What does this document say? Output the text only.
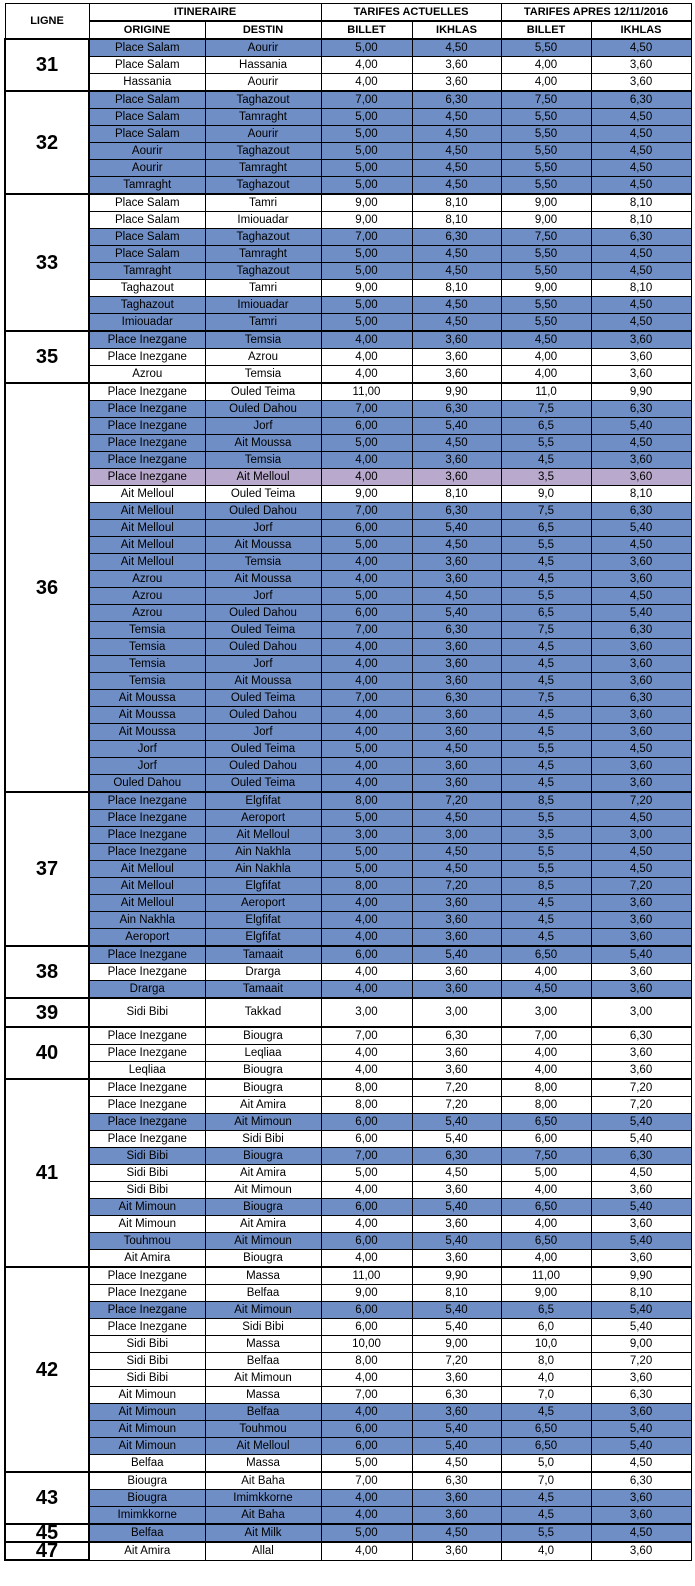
LIGNE	ITINERAIRE		TARIFES ACTUELLES		TARIFES APRES 12/11/2016	
	ORIGINE	DESTIN	BILLET	IKHLAS	BILLET	IKHLAS
31	Place Salam	Aourir	5,00	4,50	5,50	4,50
	Place Salam	Hassania	4,00	3,60	4,00	3,60
	Hassania	Aourir	4,00	3,60	4,00	3,60
32	Place Salam	Taghazout	7,00	6,30	7,50	6,30
	Place Salam	Tamraght	5,00	4,50	5,50	4,50
	Place Salam	Aourir	5,00	4,50	5,50	4,50
	Aourir	Taghazout	5,00	4,50	5,50	4,50
	Aourir	Tamraght	5,00	4,50	5,50	4,50
	Tamraght	Taghazout	5,00	4,50	5,50	4,50
33	Place Salam	Tamri	9,00	8,10	9,00	8,10
	Place Salam	Imiouadar	9,00	8,10	9,00	8,10
	Place Salam	Taghazout	7,00	6,30	7,50	6,30
	Place Salam	Tamraght	5,00	4,50	5,50	4,50
	Tamraght	Taghazout	5,00	4,50	5,50	4,50
	Taghazout	Tamri	9,00	8,10	9,00	8,10
	Taghazout	Imiouadar	5,00	4,50	5,50	4,50
	Imiouadar	Tamri	5,00	4,50	5,50	4,50
35	Place Inezgane	Temsia	4,00	3,60	4,50	3,60
	Place Inezgane	Azrou	4,00	3,60	4,00	3,60
	Azrou	Temsia	4,00	3,60	4,00	3,60
36	Place Inezgane	Ouled Teima	11,00	9,90	11,0	9,90
	Place Inezgane	Ouled Dahou	7,00	6,30	7,5	6,30
	Place Inezgane	Jorf	6,00	5,40	6,5	5,40
	Place Inezgane	Ait Moussa	5,00	4,50	5,5	4,50
	Place Inezgane	Temsia	4,00	3,60	4,5	3,60
	Place Inezgane	Ait Melloul	4,00	3,60	3,5	3,60
	Ait Melloul	Ouled Teima	9,00	8,10	9,0	8,10
	Ait Melloul	Ouled Dahou	7,00	6,30	7,5	6,30
	Ait Melloul	Jorf	6,00	5,40	6,5	5,40
	Ait Melloul	Ait Moussa	5,00	4,50	5,5	4,50
	Ait Melloul	Temsia	4,00	3,60	4,5	3,60
	Azrou	Ait Moussa	4,00	3,60	4,5	3,60
	Azrou	Jorf	5,00	4,50	5,5	4,50
	Azrou	Ouled Dahou	6,00	5,40	6,5	5,40
	Temsia	Ouled Teima	7,00	6,30	7,5	6,30
	Temsia	Ouled Dahou	4,00	3,60	4,5	3,60
	Temsia	Jorf	4,00	3,60	4,5	3,60
	Temsia	Ait Moussa	4,00	3,60	4,5	3,60
	Ait Moussa	Ouled Teima	7,00	6,30	7,5	6,30
	Ait Moussa	Ouled Dahou	4,00	3,60	4,5	3,60
	Ait Moussa	Jorf	4,00	3,60	4,5	3,60
	Jorf	Ouled Teima	5,00	4,50	5,5	4,50
	Jorf	Ouled Dahou	4,00	3,60	4,5	3,60
	Ouled Dahou	Ouled Teima	4,00	3,60	4,5	3,60
37	Place Inezgane	Elgfifat	8,00	7,20	8,5	7,20
	Place Inezgane	Aeroport	5,00	4,50	5,5	4,50
	Place Inezgane	Ait Melloul	3,00	3,00	3,5	3,00
	Place Inezgane	Ain Nakhla	5,00	4,50	5,5	4,50
	Ait Melloul	Ain Nakhla	5,00	4,50	5,5	4,50
	Ait Melloul	Elgfifat	8,00	7,20	8,5	7,20
	Ait Melloul	Aeroport	4,00	3,60	4,5	3,60
	Ain Nakhla	Elgfifat	4,00	3,60	4,5	3,60
	Aeroport	Elgfifat	4,00	3,60	4,5	3,60
38	Place Inezgane	Tamaait	6,00	5,40	6,50	5,40
	Place Inezgane	Drarga	4,00	3,60	4,00	3,60
	Drarga	Tamaait	4,00	3,60	4,50	3,60
39	Sidi Bibi	Takkad	3,00	3,00	3,00	3,00
40	Place Inezgane	Biougra	7,00	6,30	7,00	6,30
	Place Inezgane	Leqliaa	4,00	3,60	4,00	3,60
	Leqliaa	Biougra	4,00	3,60	4,00	3,60
41	Place Inezgane	Biougra	8,00	7,20	8,00	7,20
	Place Inezgane	Ait Amira	8,00	7,20	8,00	7,20
	Place Inezgane	Ait Mimoun	6,00	5,40	6,50	5,40
	Place Inezgane	Sidi Bibi	6,00	5,40	6,00	5,40
	Sidi Bibi	Biougra	7,00	6,30	7,50	6,30
	Sidi Bibi	Ait Amira	5,00	4,50	5,00	4,50
	Sidi Bibi	Ait Mimoun	4,00	3,60	4,00	3,60
	Ait Mimoun	Biougra	6,00	5,40	6,50	5,40
	Ait Mimoun	Ait Amira	4,00	3,60	4,00	3,60
	Touhmou	Ait Mimoun	6,00	5,40	6,50	5,40
	Ait Amira	Biougra	4,00	3,60	4,00	3,60
42	Place Inezgane	Massa	11,00	9,90	11,00	9,90
	Place Inezgane	Belfaa	9,00	8,10	9,00	8,10
	Place Inezgane	Ait Mimoun	6,00	5,40	6,5	5,40
	Place Inezgane	Sidi Bibi	6,00	5,40	6,0	5,40
	Sidi Bibi	Massa	10,00	9,00	10,0	9,00
	Sidi Bibi	Belfaa	8,00	7,20	8,0	7,20
	Sidi Bibi	Ait Mimoun	4,00	3,60	4,0	3,60
	Ait Mimoun	Massa	7,00	6,30	7,0	6,30
	Ait Mimoun	Belfaa	4,00	3,60	4,5	3,60
	Ait Mimoun	Touhmou	6,00	5,40	6,50	5,40
	Ait Mimoun	Ait Melloul	6,00	5,40	6,50	5,40
	Belfaa	Massa	5,00	4,50	5,0	4,50
43	Biougra	Ait Baha	7,00	6,30	7,0	6,30
	Biougra	Imimkkorne	4,00	3,60	4,5	3,60
	Imimkkorne	Ait Baha	4,00	3,60	4,5	3,60
45	Belfaa	Ait Milk	5,00	4,50	5,5	4,50
47	Ait Amira	Allal	4,00	3,60	4,0	3,60
